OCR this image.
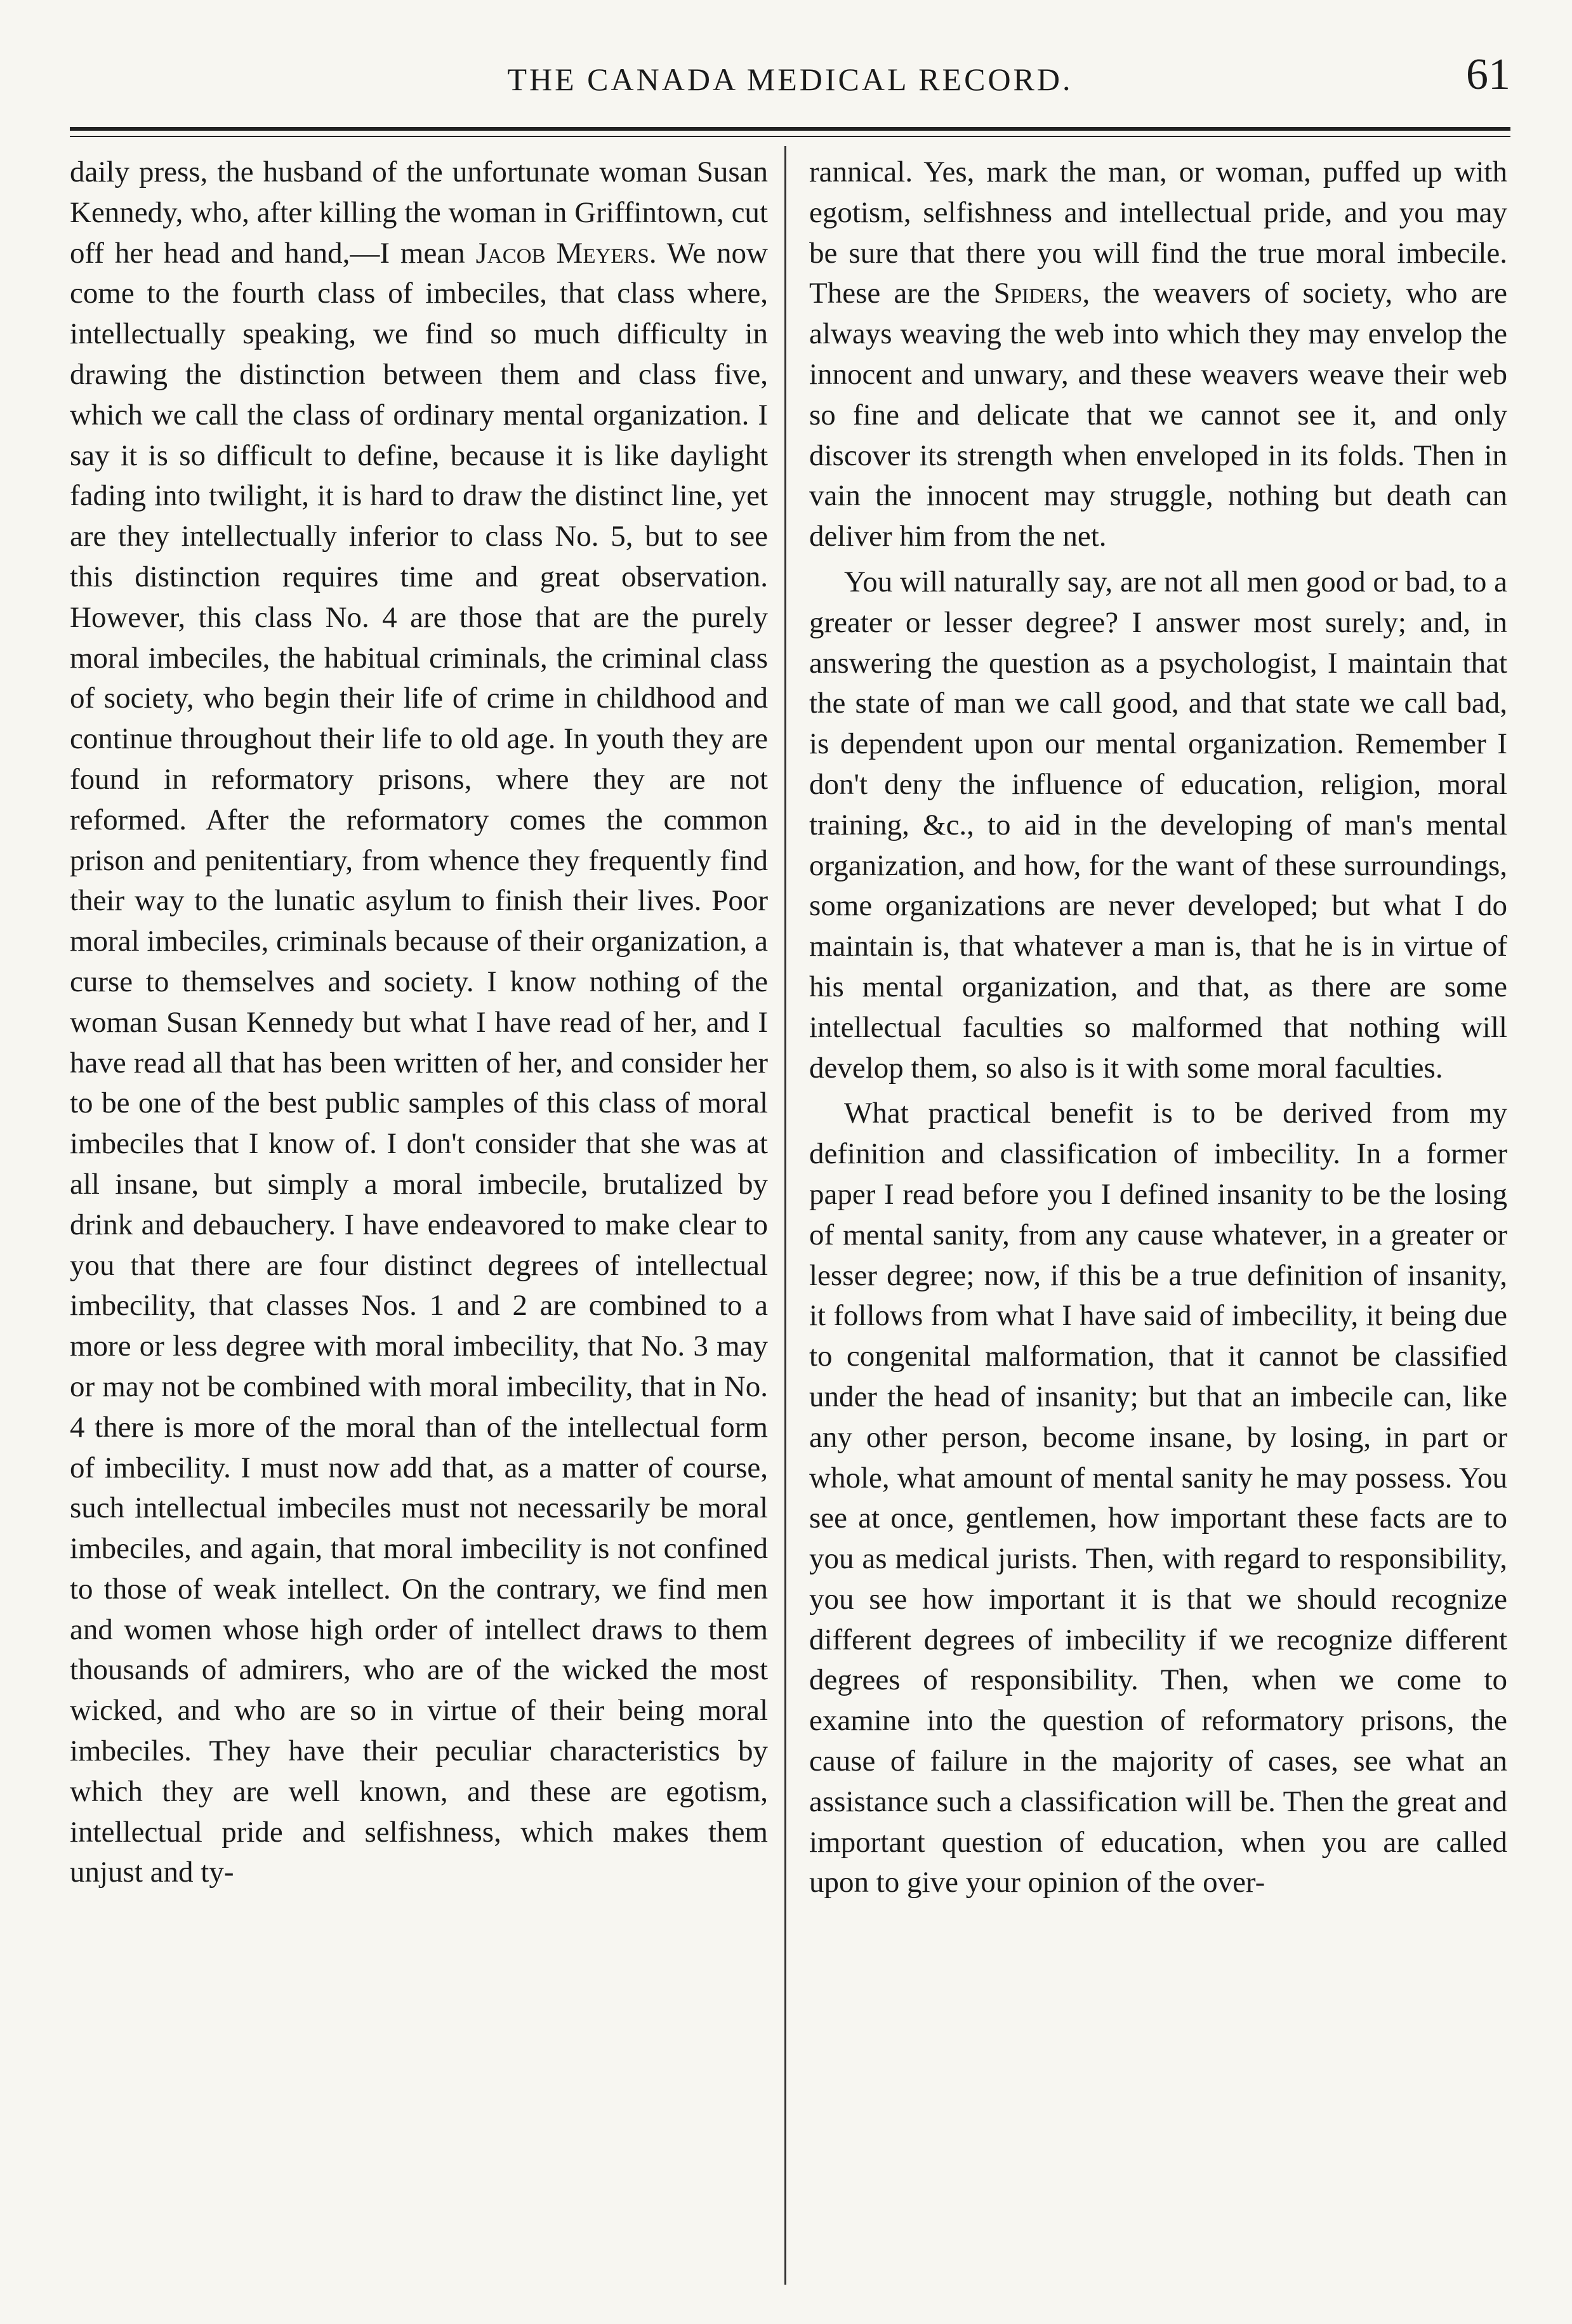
THE CANADA MEDICAL RECORD.	61

daily press, the husband of the unfortunate woman Susan Kennedy, who, after killing the woman in Griffintown, cut off her head and hand,—I mean Jacob Meyers. We now come to the fourth class of imbeciles, that class where, intellectually speaking, we find so much difficulty in drawing the distinction between them and class five, which we call the class of ordinary mental organization. I say it is so difficult to define, because it is like daylight fading into twilight, it is hard to draw the distinct line, yet are they intellectually inferior to class No. 5, but to see this distinction requires time and great observation. However, this class No. 4 are those that are the purely moral imbeciles, the habitual criminals, the criminal class of society, who begin their life of crime in childhood and continue throughout their life to old age. In youth they are found in reformatory prisons, where they are not reformed. After the reformatory comes the common prison and penitentiary, from whence they frequently find their way to the lunatic asylum to finish their lives. Poor moral imbeciles, criminals because of their organization, a curse to themselves and society. I know nothing of the woman Susan Kennedy but what I have read of her, and I have read all that has been written of her, and consider her to be one of the best public samples of this class of moral imbeciles that I know of. I don't consider that she was at all insane, but simply a moral imbecile, brutalized by drink and debauchery. I have endeavored to make clear to you that there are four distinct degrees of intellectual imbecility, that classes Nos. 1 and 2 are combined to a more or less degree with moral imbecility, that No. 3 may or may not be combined with moral imbecility, that in No. 4 there is more of the moral than of the intellectual form of imbecility. I must now add that, as a matter of course, such intellectual imbeciles must not necessarily be moral imbeciles, and again, that moral imbecility is not confined to those of weak intellect. On the contrary, we find men and women whose high order of intellect draws to them thousands of admirers, who are of the wicked the most wicked, and who are so in virtue of their being moral imbeciles. They have their peculiar characteristics by which they are well known, and these are egotism, intellectual pride and selfishness, which makes them unjust and ty-

rannical. Yes, mark the man, or woman, puffed up with egotism, selfishness and intellectual pride, and you may be sure that there you will find the true moral imbecile. These are the Spiders, the weavers of society, who are always weaving the web into which they may envelop the innocent and unwary, and these weavers weave their web so fine and delicate that we cannot see it, and only discover its strength when enveloped in its folds. Then in vain the innocent may struggle, nothing but death can deliver him from the net.

You will naturally say, are not all men good or bad, to a greater or lesser degree? I answer most surely; and, in answering the question as a psychologist, I maintain that the state of man we call good, and that state we call bad, is dependent upon our mental organization. Remember I don't deny the influence of education, religion, moral training, &c., to aid in the developing of man's mental organization, and how, for the want of these surroundings, some organizations are never developed; but what I do maintain is, that whatever a man is, that he is in virtue of his mental organization, and that, as there are some intellectual faculties so malformed that nothing will develop them, so also is it with some moral faculties.

What practical benefit is to be derived from my definition and classification of imbecility. In a former paper I read before you I defined insanity to be the losing of mental sanity, from any cause whatever, in a greater or lesser degree; now, if this be a true definition of insanity, it follows from what I have said of imbecility, it being due to congenital malformation, that it cannot be classified under the head of insanity; but that an imbecile can, like any other person, become insane, by losing, in part or whole, what amount of mental sanity he may possess. You see at once, gentlemen, how important these facts are to you as medical jurists. Then, with regard to responsibility, you see how important it is that we should recognize different degrees of imbecility if we recognize different degrees of responsibility. Then, when we come to examine into the question of reformatory prisons, the cause of failure in the majority of cases, see what an assistance such a classification will be. Then the great and important question of education, when you are called upon to give your opinion of the over-
